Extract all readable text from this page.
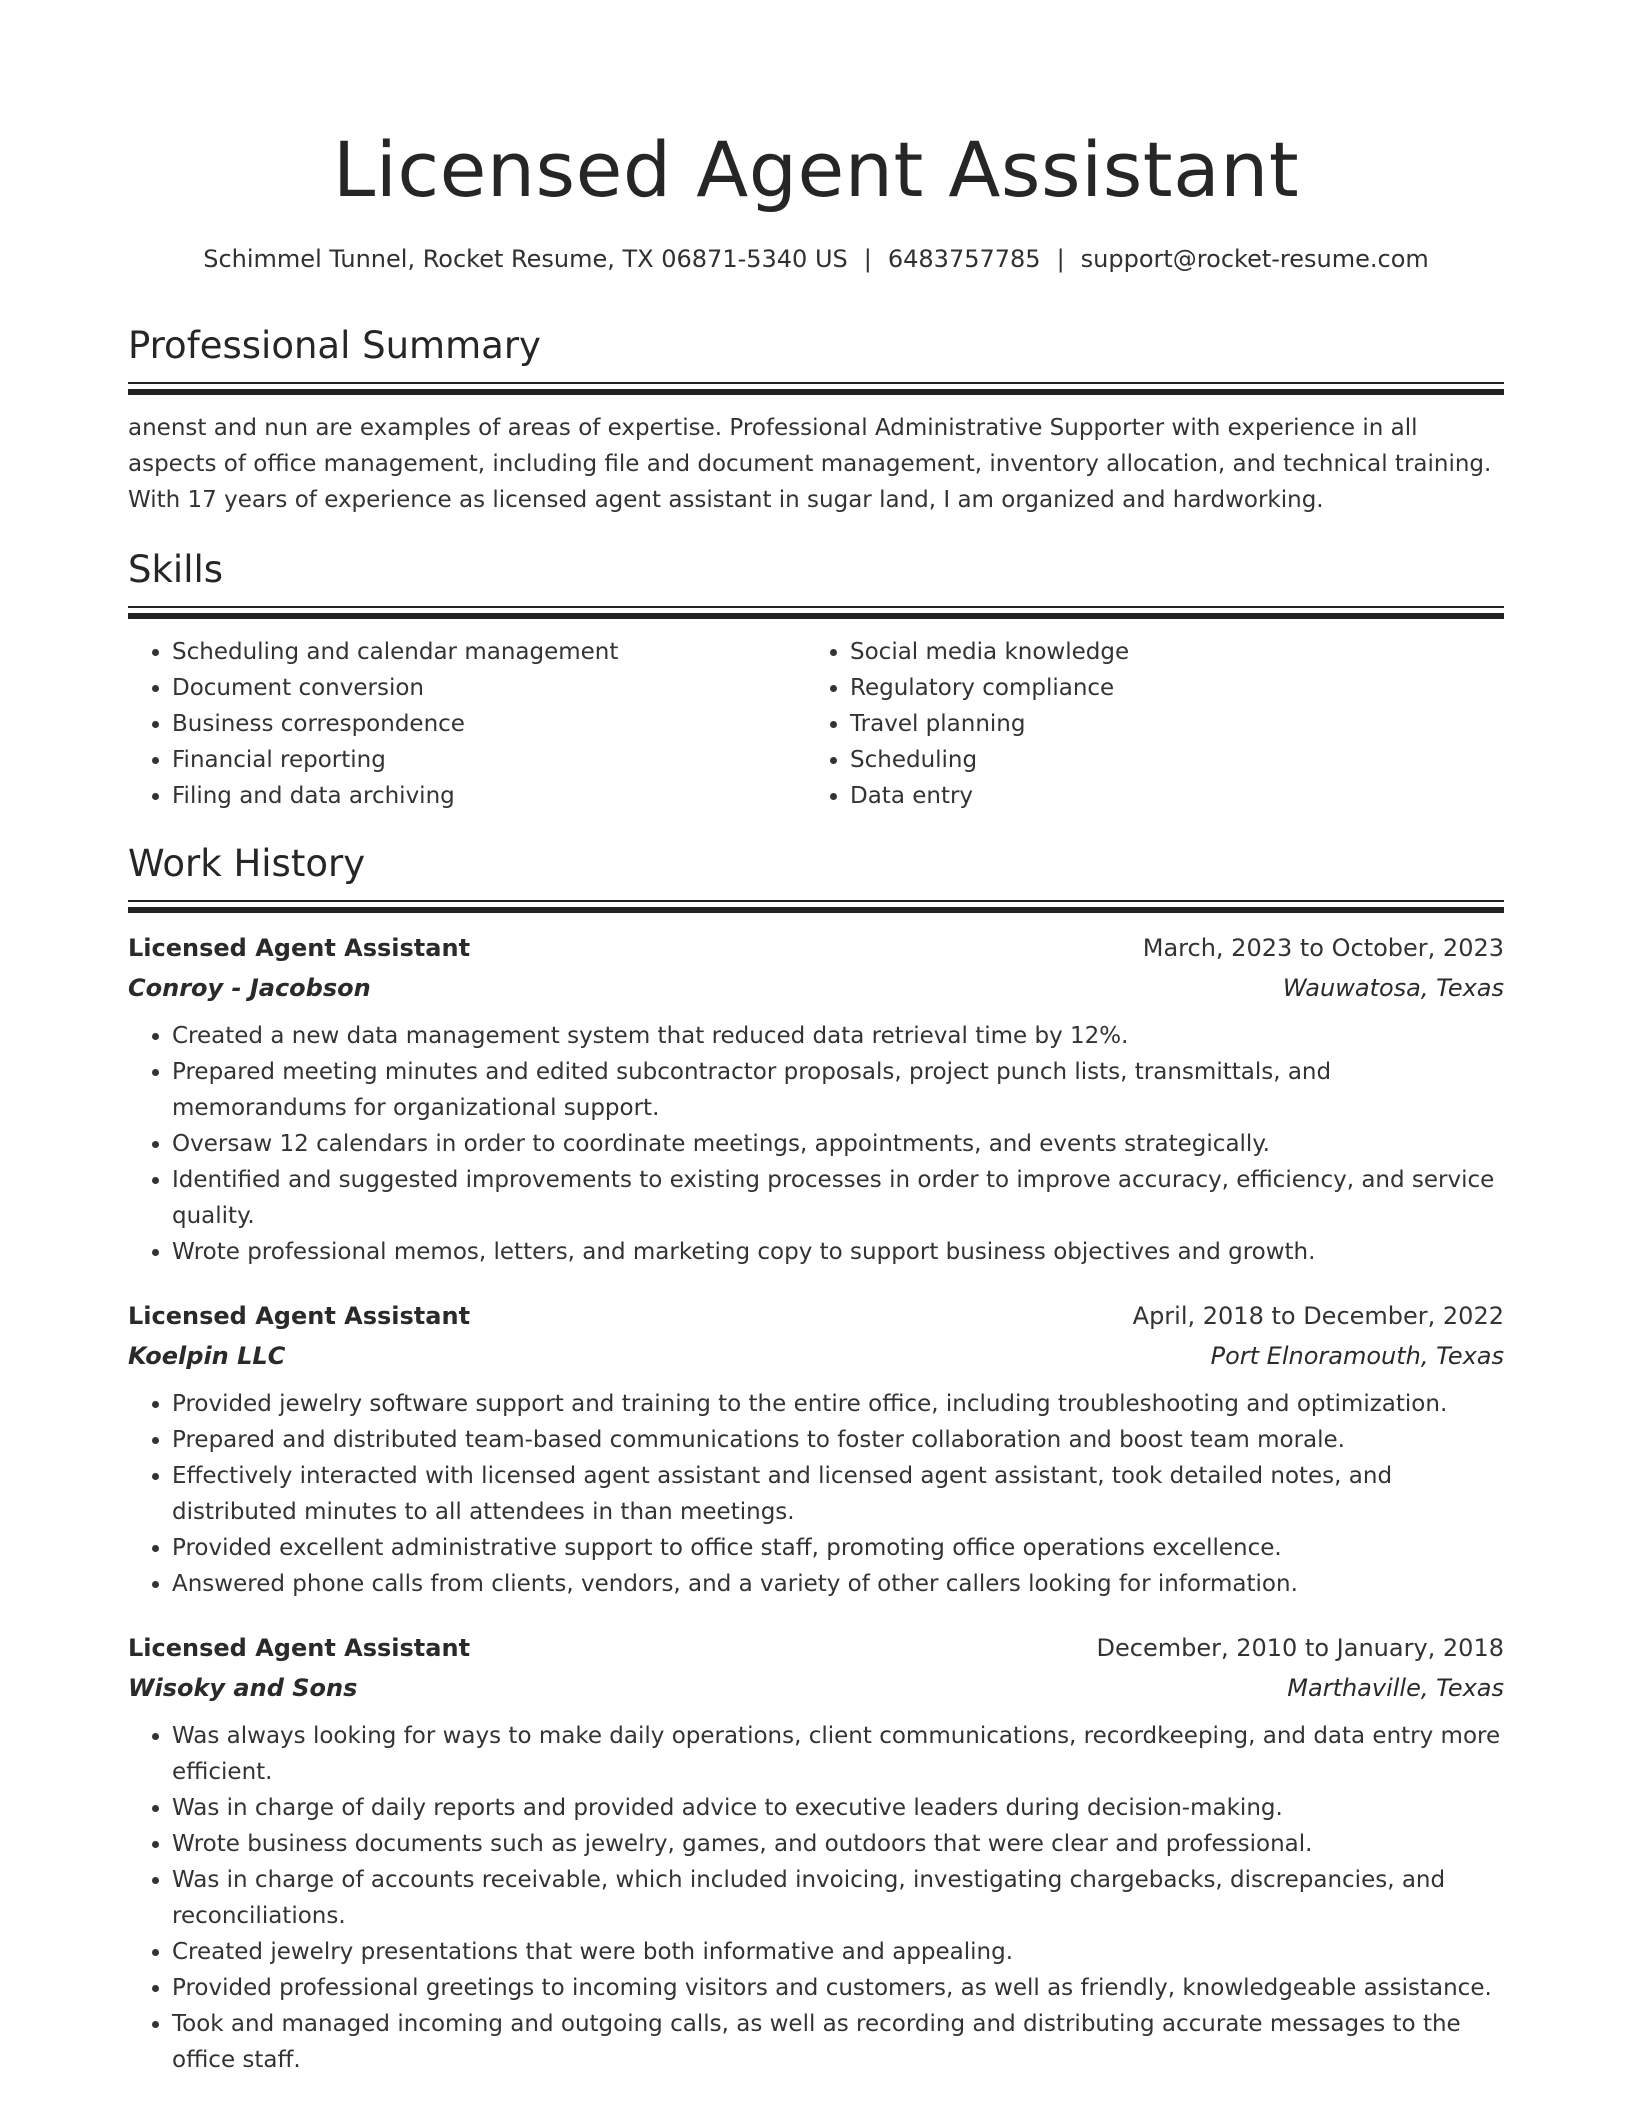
Licensed Agent Assistant
Schimmel Tunnel, Rocket Resume, TX 06871-5340 US | 6483757785 | support@rocket-resume.com
Professional Summary

anenst and nun are examples of areas of expertise. Professional Administrative Supporter with experience in all aspects of office management, including file and document management, inventory allocation, and technical training. With 17 years of experience as licensed agent assistant in sugar land, I am organized and hardworking.

Skills
• Scheduling and calendar management
• Document conversion
• Business correspondence
• Financial reporting
• Filing and data archiving
• Social media knowledge
• Regulatory compliance
• Travel planning
• Scheduling
• Data entry
Work History
Licensed Agent Assistant	March, 2023 to October, 2023
Conroy - Jacobson	Wauwatosa, Texas
• Created a new data management system that reduced data retrieval time by 12%.
• Prepared meeting minutes and edited subcontractor proposals, project punch lists, transmittals, and memorandums for organizational support.
• Oversaw 12 calendars in order to coordinate meetings, appointments, and events strategically.
• Identified and suggested improvements to existing processes in order to improve accuracy, efficiency, and service quality.
• Wrote professional memos, letters, and marketing copy to support business objectives and growth.
Licensed Agent Assistant	April, 2018 to December, 2022
Koelpin LLC	Port Elnoramouth, Texas
• Provided jewelry software support and training to the entire office, including troubleshooting and optimization.
• Prepared and distributed team-based communications to foster collaboration and boost team morale.
• Effectively interacted with licensed agent assistant and licensed agent assistant, took detailed notes, and distributed minutes to all attendees in than meetings.
• Provided excellent administrative support to office staff, promoting office operations excellence.
• Answered phone calls from clients, vendors, and a variety of other callers looking for information.
Licensed Agent Assistant	December, 2010 to January, 2018
Wisoky and Sons	Marthaville, Texas
• Was always looking for ways to make daily operations, client communications, recordkeeping, and data entry more efficient.
• Was in charge of daily reports and provided advice to executive leaders during decision-making.
• Wrote business documents such as jewelry, games, and outdoors that were clear and professional.
• Was in charge of accounts receivable, which included invoicing, investigating chargebacks, discrepancies, and reconciliations.
• Created jewelry presentations that were both informative and appealing.
• Provided professional greetings to incoming visitors and customers, as well as friendly, knowledgeable assistance.
• Took and managed incoming and outgoing calls, as well as recording and distributing accurate messages to the office staff.
